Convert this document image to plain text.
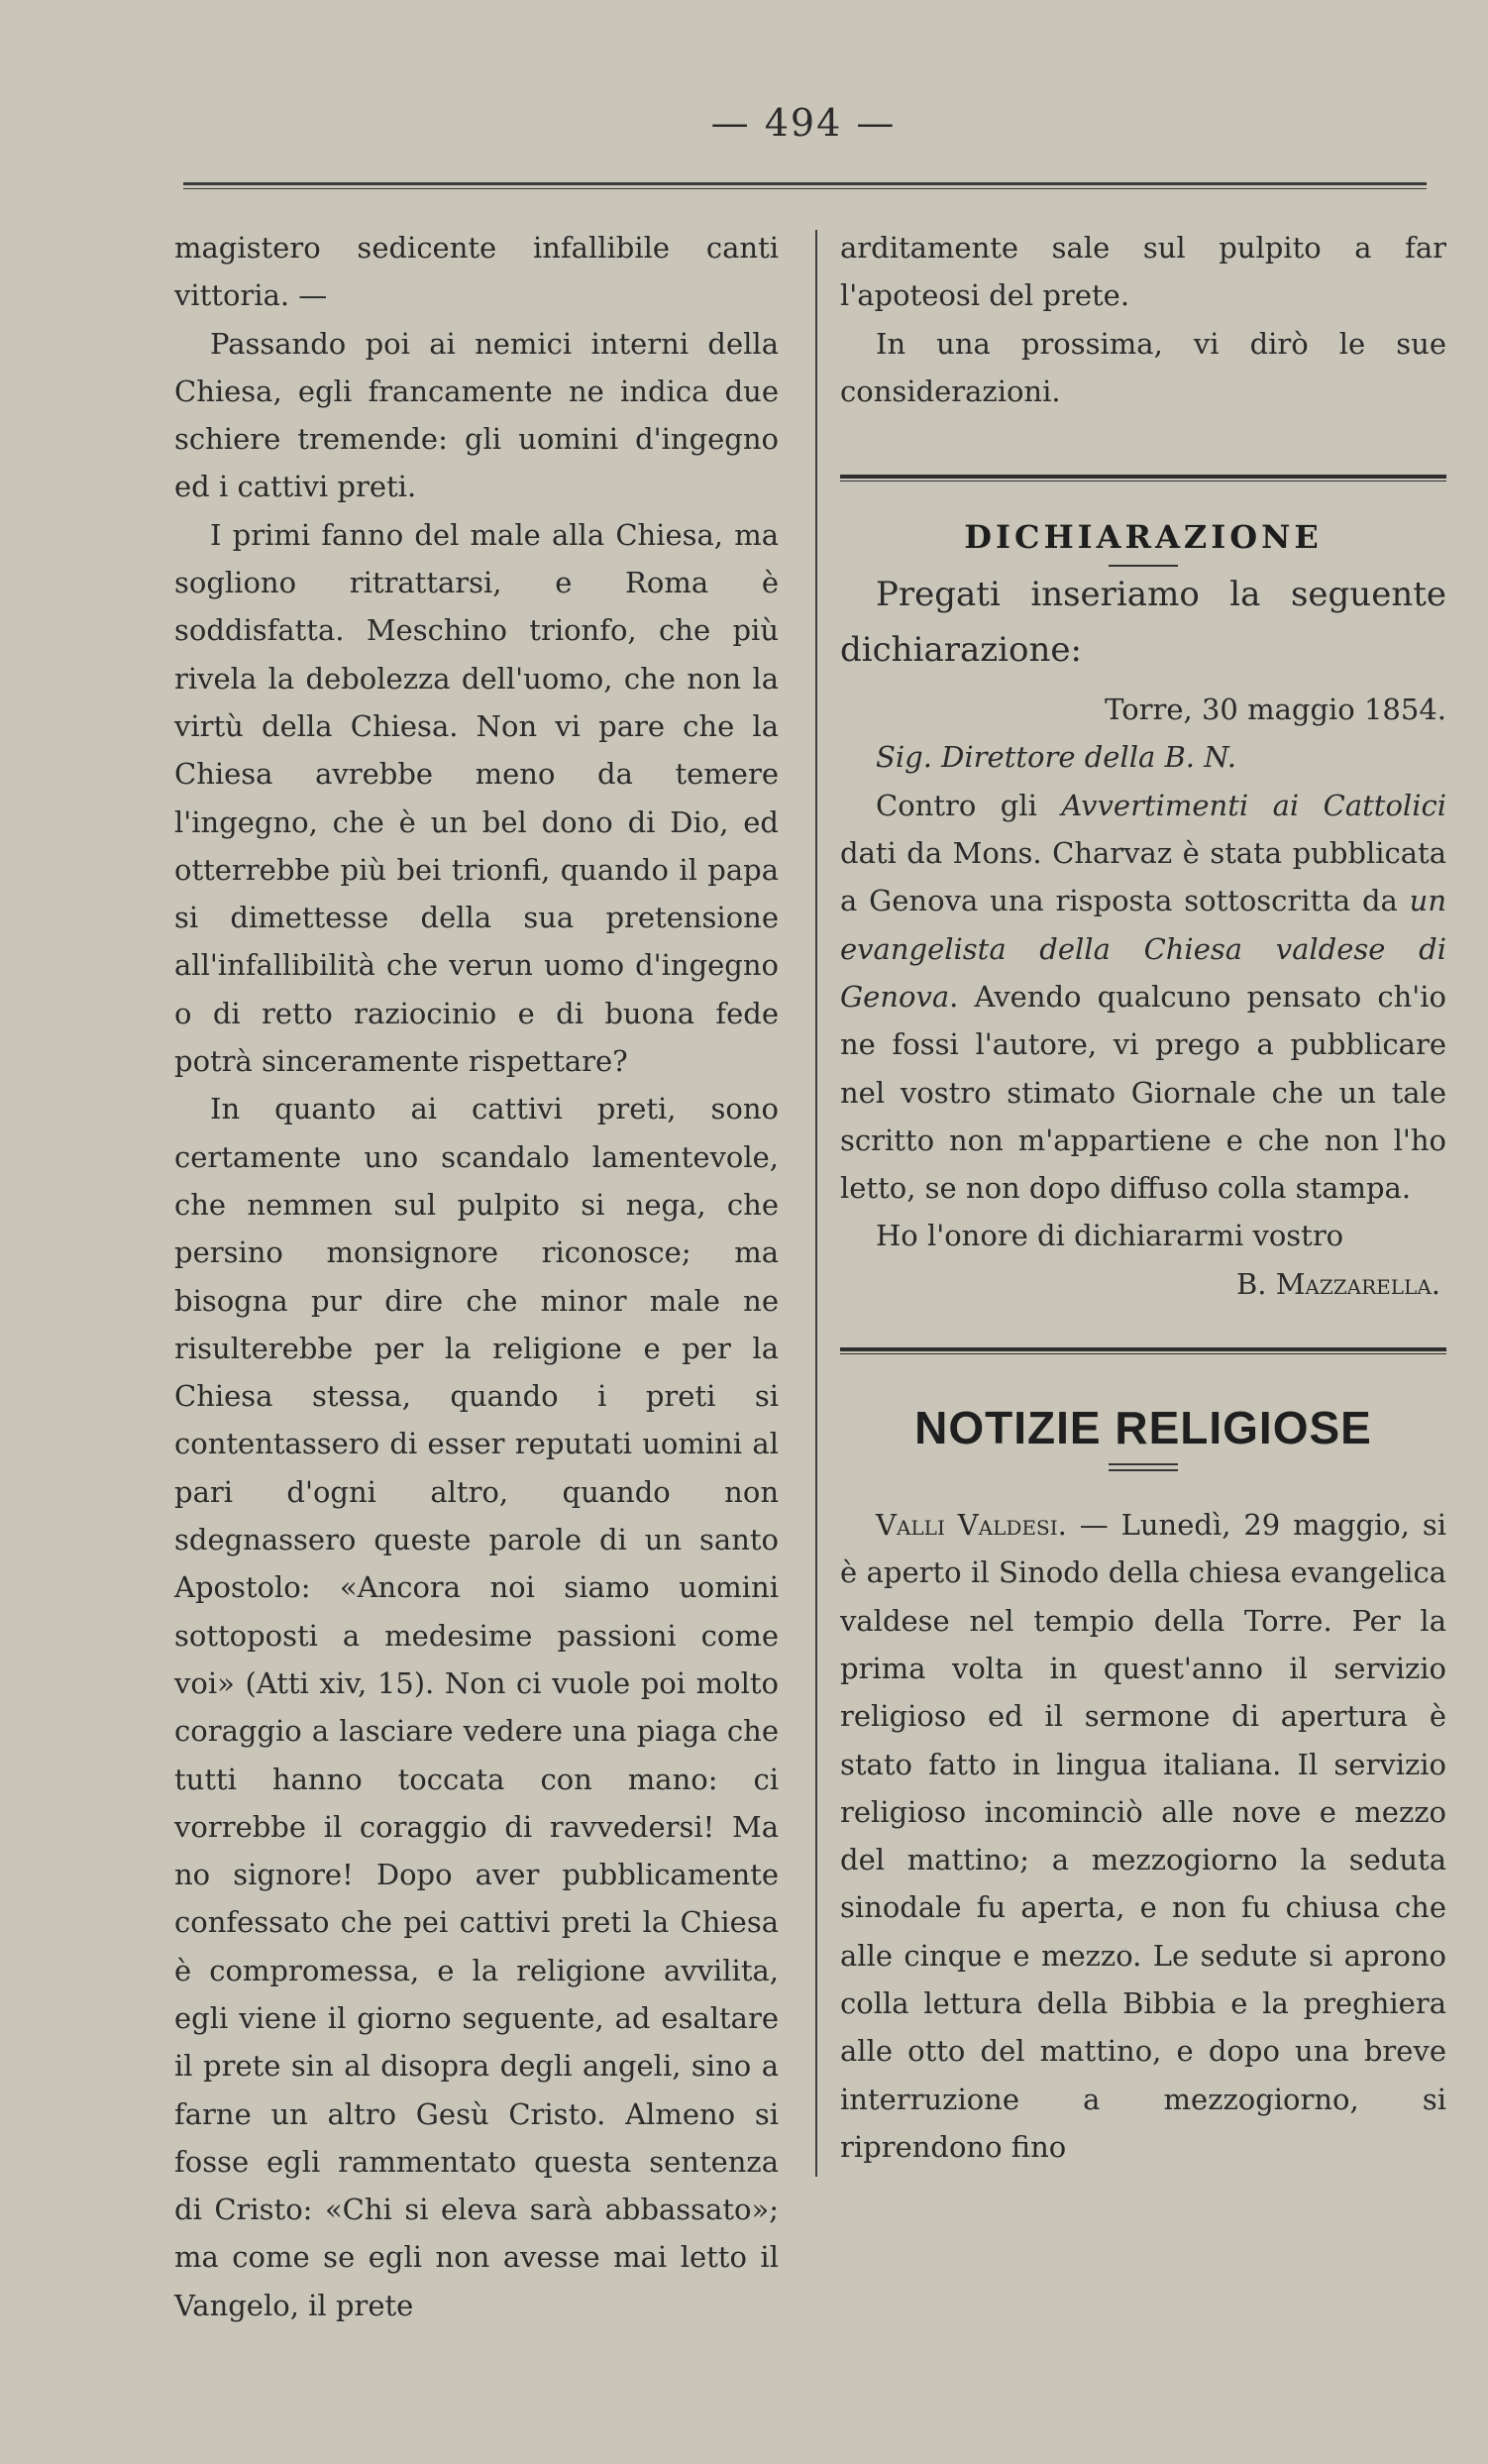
— 494 —

magistero sedicente infallibile canti vittoria. —

Passando poi ai nemici interni della Chiesa, egli francamente ne indica due schiere tremende: gli uomini d'ingegno ed i cattivi preti.

I primi fanno del male alla Chiesa, ma sogliono ritrattarsi, e Roma è soddisfatta. Meschino trionfo, che più rivela la debolezza dell'uomo, che non la virtù della Chiesa. Non vi pare che la Chiesa avrebbe meno da temere l'ingegno, che è un bel dono di Dio, ed otterrebbe più bei trionfi, quando il papa si dimettesse della sua pretensione all'infallibilità che verun uomo d'ingegno o di retto raziocinio e di buona fede potrà sinceramente rispettare?

In quanto ai cattivi preti, sono certamente uno scandalo lamentevole, che nemmen sul pulpito si nega, che persino monsignore riconosce; ma bisogna pur dire che minor male ne risulterebbe per la religione e per la Chiesa stessa, quando i preti si contentassero di esser reputati uomini al pari d'ogni altro, quando non sdegnassero queste parole di un santo Apostolo: «Ancora noi siamo uomini sottoposti a medesime passioni come voi» (Atti xiv, 15). Non ci vuole poi molto coraggio a lasciare vedere una piaga che tutti hanno toccata con mano: ci vorrebbe il coraggio di ravvedersi! Ma no signore! Dopo aver pubblicamente confessato che pei cattivi preti la Chiesa è compromessa, e la religione avvilita, egli viene il giorno seguente, ad esaltare il prete sin al disopra degli angeli, sino a farne un altro Gesù Cristo. Almeno si fosse egli rammentato questa sentenza di Cristo: «Chi si eleva sarà abbassato»; ma come se egli non avesse mai letto il Vangelo, il prete

arditamente sale sul pulpito a far l'apoteosi del prete.

In una prossima, vi dirò le sue considerazioni.

DICHIARAZIONE

Pregati inseriamo la seguente dichiarazione:

Torre, 30 maggio 1854.

Sig. Direttore della B. N.

Contro gli Avvertimenti ai Cattolici dati da Mons. Charvaz è stata pubblicata a Genova una risposta sottoscritta da un evangelista della Chiesa valdese di Genova. Avendo qualcuno pensato ch'io ne fossi l'autore, vi prego a pubblicare nel vostro stimato Giornale che un tale scritto non m'appartiene e che non l'ho letto, se non dopo diffuso colla stampa.

Ho l'onore di dichiararmi vostro

B. Mazzarella.

NOTIZIE RELIGIOSE

Valli Valdesi. — Lunedì, 29 maggio, si è aperto il Sinodo della chiesa evangelica valdese nel tempio della Torre. Per la prima volta in quest'anno il servizio religioso ed il sermone di apertura è stato fatto in lingua italiana. Il servizio religioso incominciò alle nove e mezzo del mattino; a mezzogiorno la seduta sinodale fu aperta, e non fu chiusa che alle cinque e mezzo. Le sedute si aprono colla lettura della Bibbia e la preghiera alle otto del mattino, e dopo una breve interruzione a mezzogiorno, si riprendono fino
